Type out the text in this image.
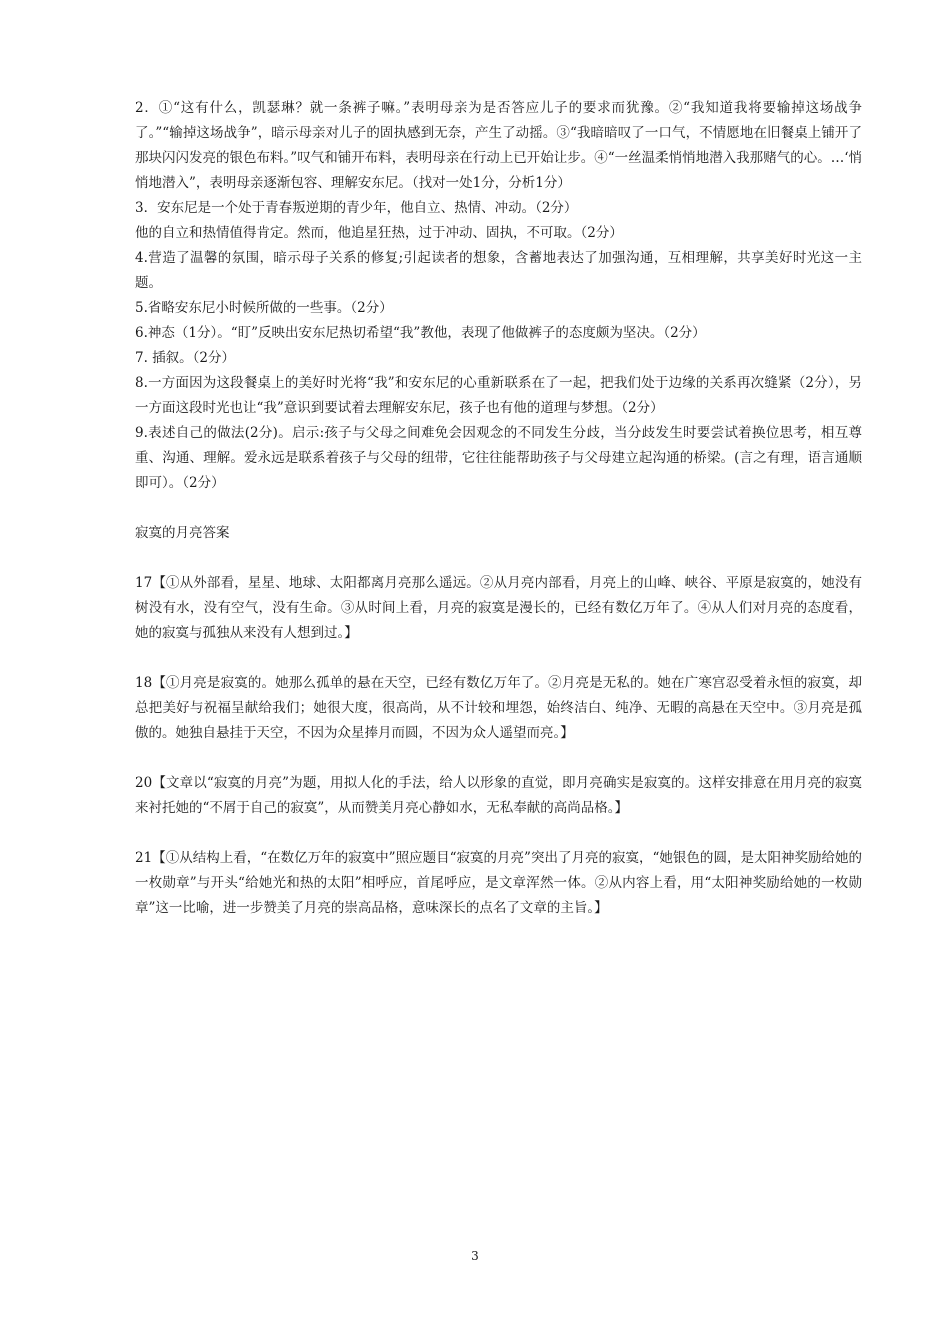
2．①“这有什么，凯瑟琳？就一条裤子嘛。”表明母亲为是否答应儿子的要求而犹豫。②“我知道我将要输掉这场战争了。”“输掉这场战争”，暗示母亲对儿子的固执感到无奈，产生了动摇。③“我暗暗叹了一口气，不情愿地在旧餐桌上铺开了那块闪闪发亮的银色布料。”叹气和铺开布料，表明母亲在行动上已开始让步。④“一丝温柔悄悄地潜入我那赌气的心。…‘悄悄地潜入”，表明母亲逐渐包容、理解安东尼。（找对一处1分，分析1分）

3．安东尼是一个处于青春叛逆期的青少年，他自立、热情、冲动。（2分）

他的自立和热情值得肯定。然而，他追星狂热，过于冲动、固执，不可取。（2分）

4.营造了温馨的氛围，暗示母子关系的修复;引起读者的想象，含蓄地表达了加强沟通，互相理解，共享美好时光这一主题。

5.省略安东尼小时候所做的一些事。（2分）

6.神态（1分）。“盯”反映出安东尼热切希望“我”教他，表现了他做裤子的态度颇为坚决。（2分）

7. 插叙。（2分）

8.一方面因为这段餐桌上的美好时光将“我”和安东尼的心重新联系在了一起，把我们处于边缘的关系再次缝紧（2分），另一方面这段时光也让“我”意识到要试着去理解安东尼，孩子也有他的道理与梦想。（2分）

9.表述自己的做法(2分)。启示:孩子与父母之间难免会因观念的不同发生分歧，当分歧发生时要尝试着换位思考，相互尊重、沟通、理解。爱永远是联系着孩子与父母的纽带，它往往能帮助孩子与父母建立起沟通的桥梁。(言之有理，语言通顺即可）。（2分）

寂寞的月亮答案

17【①从外部看，星星、地球、太阳都离月亮那么遥远。②从月亮内部看，月亮上的山峰、峡谷、平原是寂寞的，她没有树没有水，没有空气，没有生命。③从时间上看，月亮的寂寞是漫长的，已经有数亿万年了。④从人们对月亮的态度看，她的寂寞与孤独从来没有人想到过。】

18【①月亮是寂寞的。她那么孤单的悬在天空，已经有数亿万年了。②月亮是无私的。她在广寒宫忍受着永恒的寂寞，却总把美好与祝福呈献给我们；她很大度，很高尚，从不计较和埋怨，始终洁白、纯净、无暇的高悬在天空中。③月亮是孤傲的。她独自悬挂于天空，不因为众星捧月而圆，不因为众人遥望而亮。】

20【文章以“寂寞的月亮”为题，用拟人化的手法，给人以形象的直觉，即月亮确实是寂寞的。这样安排意在用月亮的寂寞来衬托她的“不屑于自己的寂寞”，从而赞美月亮心静如水，无私奉献的高尚品格。】

21【①从结构上看，“在数亿万年的寂寞中”照应题目“寂寞的月亮”突出了月亮的寂寞，“她银色的圆，是太阳神奖励给她的一枚勋章”与开头“给她光和热的太阳”相呼应，首尾呼应，是文章浑然一体。②从内容上看，用“太阳神奖励给她的一枚勋章”这一比喻，进一步赞美了月亮的崇高品格，意味深长的点名了文章的主旨。】

3
